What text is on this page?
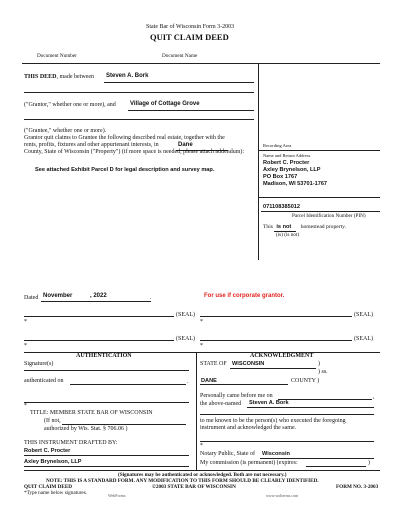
State Bar of Wisconsin Form 3-2003
QUIT CLAIM DEED
Document Number	Document Name
THIS DEED, made between Steven A. Bork
("Grantor," whether one or more), and Village of Cottage Grove
("Grantee," whether one or more).
Grantor quit claims to Grantee the following described real estate, together with the
rents, profits, fixtures and other appurtenant interests, in	Dane
County, State of Wisconsin ("Property") (if more space is needed, please attach addendum):
See attached Exhibit Parcel D for legal description and survey map.
Recording Area
Name and Return Address
Robert C. Procter
Axley Brynelson, LLP
PO Box 1767
Madison, WI 53701-1767
071108385012
Parcel Identification Number (PIN)
This is not homestead property.
(is) (is not)
Dated November	, 2022	.	For use if corporate grantor.
(SEAL)	(SEAL)
*	*
(SEAL)	(SEAL)
*	*
AUTHENTICATION	ACKNOWLEDGMENT
Signature(s)
authenticated on	.
*
TITLE: MEMBER STATE BAR OF WISCONSIN
(If not,
authorized by Wis. Stat. § 706.06 )
STATE OF WISCONSIN	)
) ss.
DANE	COUNTY )
Personally came before me on	,
the above-named Steven A. Bork
to me known to be the person(s) who executed the foregoing
instrument and acknowledged the same.
THIS INSTRUMENT DRAFTED BY:
Robert C. Procter
Axley Brynelson, LLP
*
Notary Public, State of Wisconsin
My commission (is permanent) (expires:	)
(Signatures may be authenticated or acknowledged. Both are not necessary.)
NOTE: THIS IS A STANDARD FORM. ANY MODIFICATION TO THIS FORM SHOULD BE CLEARLY IDENTIFIED.
QUIT CLAIM DEED	©2003 STATE BAR OF WISCONSIN	FORM NO. 3-2003
*Type name below signatures.	WebForms	www.wolterms.com
